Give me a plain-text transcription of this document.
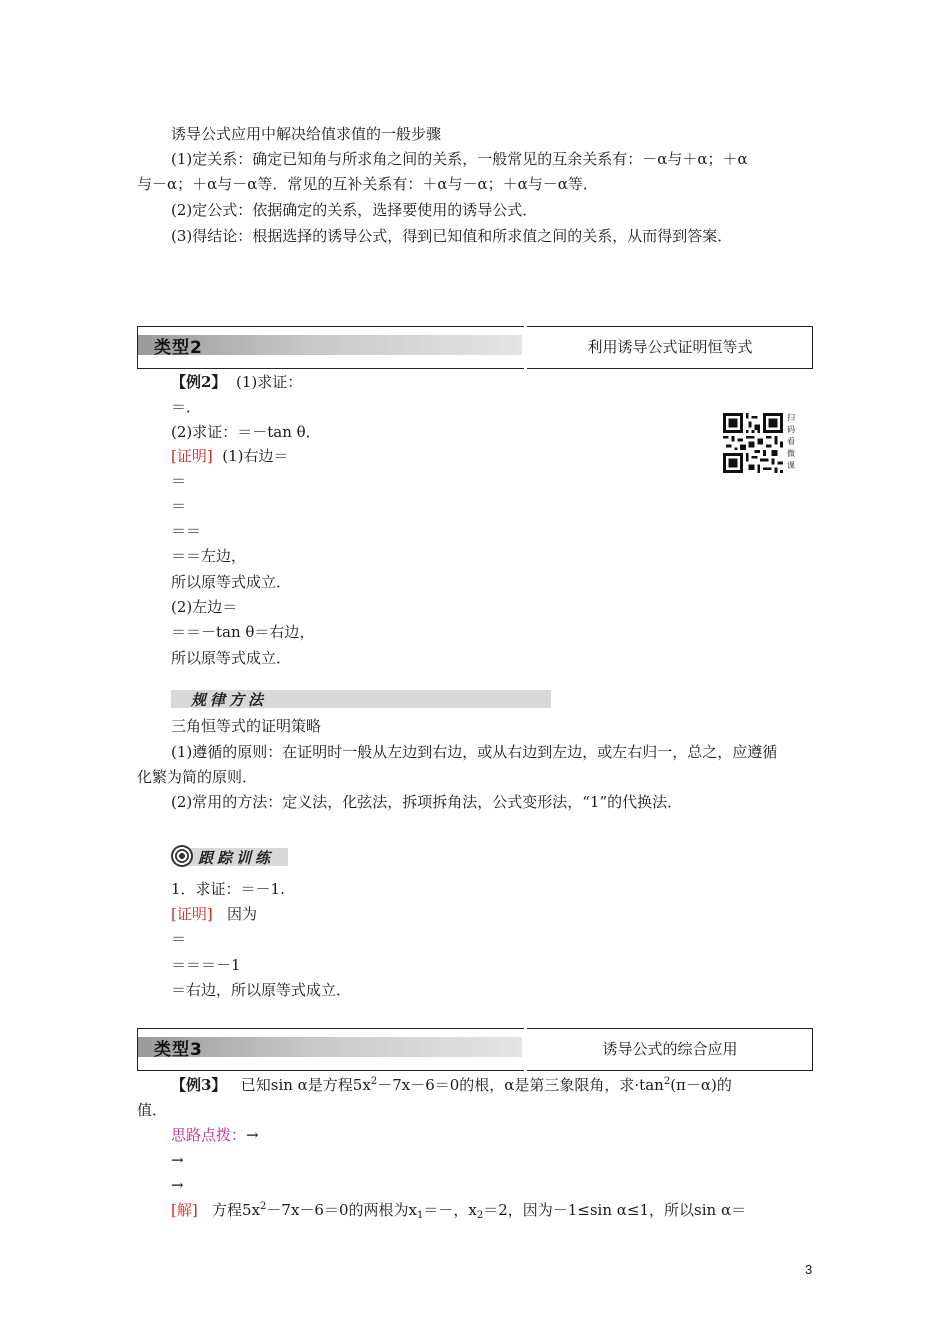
诱导公式应用中解决给值求值的一般步骤
(1)定关系：确定已知角与所求角之间的关系，一般常见的互余关系有：－α与＋α；＋α
与－α；＋α与－α等．常见的互补关系有：＋α与－α；＋α与－α等．
(2)定公式：依据确定的关系，选择要使用的诱导公式．
(3)得结论：根据选择的诱导公式，得到已知值和所求值之间的关系，从而得到答案．
类型2	利用诱导公式证明恒等式
【例2】 (1)求证：
＝．
(2)求证：＝－tan θ．
[证明] (1)右边＝
＝
＝
＝＝
＝＝左边，
所以原等式成立．
(2)左边＝
＝＝－tan θ＝右边，
所以原等式成立．
扫码看微课
规律方法
三角恒等式的证明策略
(1)遵循的原则：在证明时一般从左边到右边，或从右边到左边，或左右归一，总之，应遵循
化繁为简的原则．
(2)常用的方法：定义法，化弦法，拆项拆角法，公式变形法，“1”的代换法．
跟踪训练
1．求证：＝－1.
[证明] 因为
＝
＝＝＝－1
＝右边，所以原等式成立．
类型3	诱导公式的综合应用
【例3】 已知sin α是方程$5x^2-7x-6=0$的根，α是第三象限角，求$\cdot\tan^2(\pi-\alpha)$的
值．
思路点拨：→
→
→
[解] 方程$5x^2-7x-6=0$的两根为$x_1=-$，$x_2=2$，因为－1≤sin α≤1，所以sin α＝
3
